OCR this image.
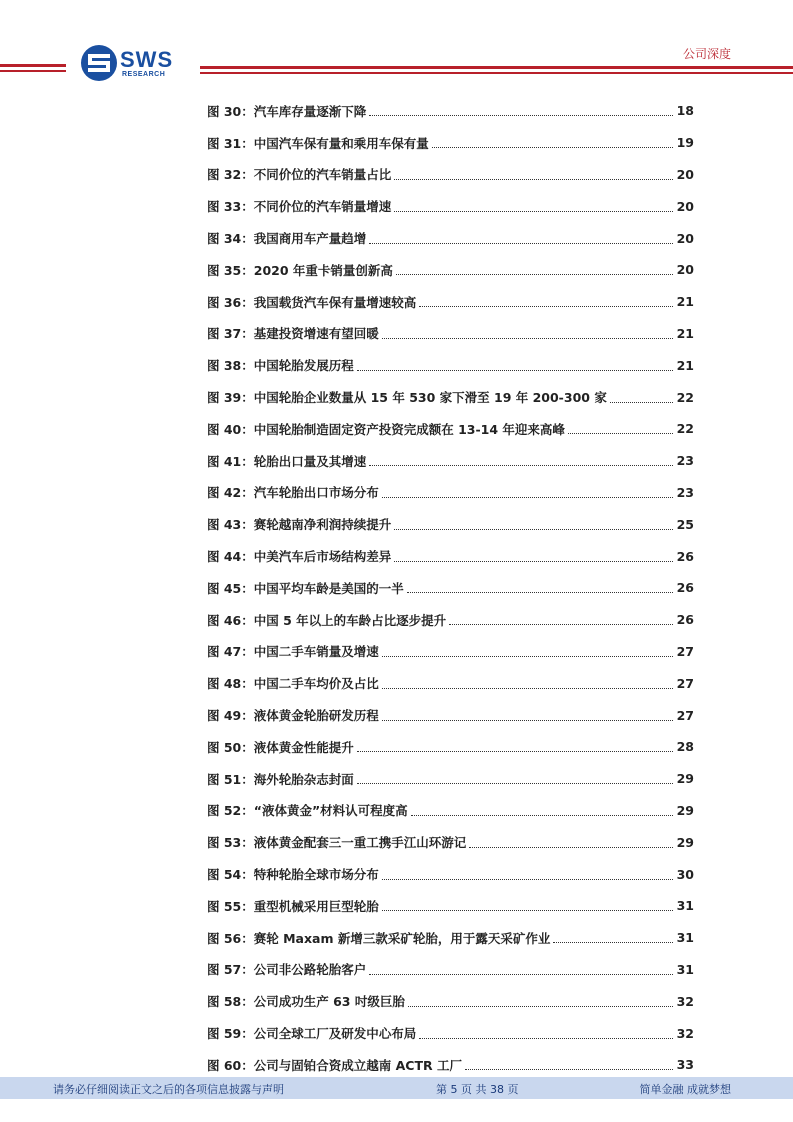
SWS
RESEARCH
公司深度
图 30：汽车库存量逐渐下降	18
图 31：中国汽车保有量和乘用车保有量	19
图 32：不同价位的汽车销量占比	20
图 33：不同价位的汽车销量增速	20
图 34：我国商用车产量趋增	20
图 35：2020 年重卡销量创新高	20
图 36：我国载货汽车保有量增速较高	21
图 37：基建投资增速有望回暖	21
图 38：中国轮胎发展历程	21
图 39：中国轮胎企业数量从 15 年 530 家下滑至 19 年 200-300 家	22
图 40：中国轮胎制造固定资产投资完成额在 13-14 年迎来高峰	22
图 41：轮胎出口量及其增速	23
图 42：汽车轮胎出口市场分布	23
图 43：赛轮越南净利润持续提升	25
图 44：中美汽车后市场结构差异	26
图 45：中国平均车龄是美国的一半	26
图 46：中国 5 年以上的车龄占比逐步提升	26
图 47：中国二手车销量及增速	27
图 48：中国二手车均价及占比	27
图 49：液体黄金轮胎研发历程	27
图 50：液体黄金性能提升	28
图 51：海外轮胎杂志封面	29
图 52：“液体黄金”材料认可程度高	29
图 53：液体黄金配套三一重工携手江山环游记	29
图 54：特种轮胎全球市场分布	30
图 55：重型机械采用巨型轮胎	31
图 56：赛轮 Maxam 新增三款采矿轮胎，用于露天采矿作业	31
图 57：公司非公路轮胎客户	31
图 58：公司成功生产 63 吋级巨胎	32
图 59：公司全球工厂及研发中心布局	32
图 60：公司与固铂合资成立越南 ACTR 工厂	33
请务必仔细阅读正文之后的各项信息披露与声明	第 5 页 共 38 页	简单金融 成就梦想
